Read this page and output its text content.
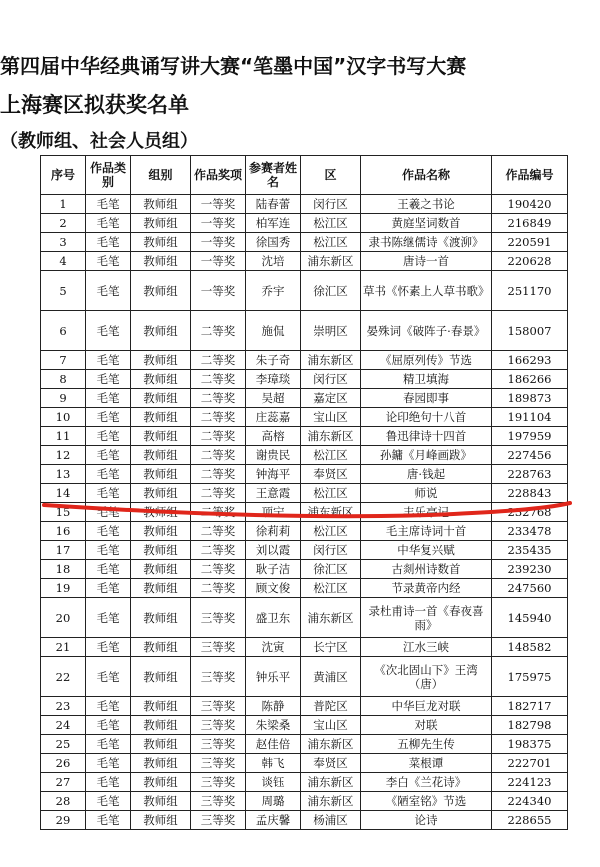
第四届中华经典诵写讲大赛“笔墨中国”汉字书写大赛
上海赛区拟获奖名单
（教师组、社会人员组）
序号	作品类别	组别	作品奖项	参赛者姓名	区	作品名称	作品编号
1	毛笔	教师组	一等奖	陆春蕾	闵行区	王羲之书论	190420
2	毛笔	教师组	一等奖	柏军连	松江区	黄庭坚词数首	216849
3	毛笔	教师组	一等奖	徐国秀	松江区	隶书陈继儒诗《渡泖》	220591
4	毛笔	教师组	一等奖	沈培	浦东新区	唐诗一首	220628
5	毛笔	教师组	一等奖	乔宇	徐汇区	草书《怀素上人草书歌》	251170
6	毛笔	教师组	二等奖	施侃	崇明区	晏殊词《破阵子·春景》	158007
7	毛笔	教师组	二等奖	朱子奇	浦东新区	《屈原列传》节选	166293
8	毛笔	教师组	二等奖	李璋琰	闵行区	精卫填海	186266
9	毛笔	教师组	二等奖	吴超	嘉定区	春园即事	189873
10	毛笔	教师组	二等奖	庄蕊嘉	宝山区	论印绝句十八首	191104
11	毛笔	教师组	二等奖	高榕	浦东新区	鲁迅律诗十四首	197959
12	毛笔	教师组	二等奖	谢贵民	松江区	孙鏞《月峰画跋》	227456
13	毛笔	教师组	二等奖	钟海平	奉贤区	唐·钱起	228763
14	毛笔	教师组	二等奖	王意霞	松江区	师说	228843
15	毛笔	教师组	二等奖	项宁	浦东新区	丰乐亭记	232768
16	毛笔	教师组	二等奖	徐莉莉	松江区	毛主席诗词十首	233478
17	毛笔	教师组	二等奖	刘以霞	闵行区	中华复兴赋	235435
18	毛笔	教师组	二等奖	耿子洁	徐汇区	古剡州诗数首	239230
19	毛笔	教师组	二等奖	顾文俊	松江区	节录黄帝内经	247560
20	毛笔	教师组	三等奖	盛卫东	浦东新区	录杜甫诗一首《春夜喜雨》	145940
21	毛笔	教师组	三等奖	沈寅	长宁区	江水三峡	148582
22	毛笔	教师组	三等奖	钟乐平	黄浦区	《次北固山下》王湾（唐）	175975
23	毛笔	教师组	三等奖	陈静	普陀区	中华巨龙对联	182717
24	毛笔	教师组	三等奖	朱梁桑	宝山区	对联	182798
25	毛笔	教师组	三等奖	赵佳倍	浦东新区	五柳先生传	198375
26	毛笔	教师组	三等奖	韩飞	奉贤区	菜根谭	222701
27	毛笔	教师组	三等奖	谈钰	浦东新区	李白《兰花诗》	224123
28	毛笔	教师组	三等奖	周璐	浦东新区	《陋室铭》节选	224340
29	毛笔	教师组	三等奖	孟庆馨	杨浦区	论诗	228655
